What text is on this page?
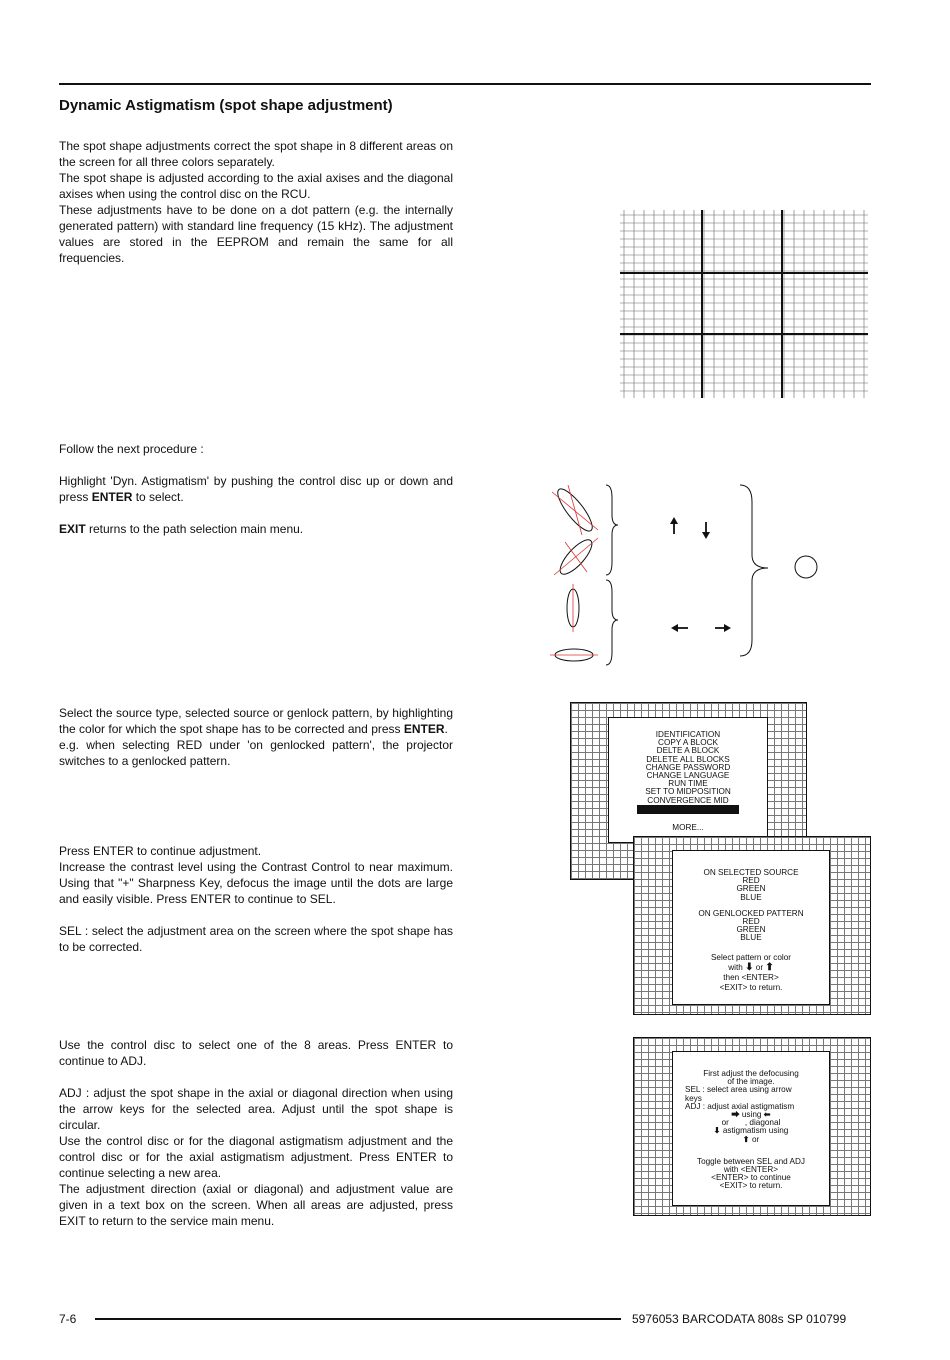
Dynamic Astigmatism (spot shape adjustment)

The spot shape adjustments correct the spot shape in 8 different areas on the screen for all three colors separately.

The spot shape is adjusted according to the axial axises and the diagonal axises when using the control disc on the RCU.

These adjustments have to be done on a dot pattern (e.g. the internally generated pattern) with standard line frequency (15 kHz). The adjustment values are stored in the EEPROM and remain the same for all frequencies.

Follow the next procedure :

Highlight 'Dyn. Astigmatism' by pushing the control disc up or down and press ENTER to select.

EXIT returns to the path selection main menu.

Select the source type, selected source or genlock pattern, by highlighting the color for which the spot shape has to be corrected and press ENTER.

e.g. when selecting RED under 'on genlocked pattern', the projector switches to a genlocked pattern.

Press ENTER to continue adjustment.

Increase the contrast level using the Contrast Control to near maximum. Using that "+" Sharpness Key, defocus the image until the dots are large and easily visible. Press ENTER to continue to SEL.

SEL : select the adjustment area on the screen where the spot shape has to be corrected.

Use the control disc to select one of the 8 areas. Press ENTER to continue to ADJ.

ADJ : adjust the spot shape in the axial or diagonal direction when using the arrow keys for the selected area. Adjust until the spot shape is circular.

Use the control disc or for the diagonal astigmatism adjustment and the control disc or for the axial astigmatism adjustment. Press ENTER to continue selecting a new area.

The adjustment direction (axial or diagonal) and adjustment value are given in a text box on the screen. When all areas are adjusted, press EXIT to return to the service main menu.

IDENTIFICATION
COPY A BLOCK
DELTE A BLOCK
DELETE ALL BLOCKS
CHANGE PASSWORD
CHANGE LANGUAGE
RUN TIME
SET TO MIDPOSITION
CONVERGENCE MID
MORE...
ON SELECTED SOURCE
RED
GREEN
BLUE
ON GENLOCKED PATTERN
RED
GREEN
BLUE
Select pattern or color
with ⬇ or ⬆
then <ENTER>
<EXIT> to return.
First adjust the defocusing
of the image.
SEL : select area using arrow
keys
ADJ : adjust axial astigmatism
⮕ using ⬅
or , diagonal
⬇ astigmatism using
⬆ or
Toggle between SEL and ADJ
with <ENTER>
<ENTER> to continue
<EXIT> to return.
7-6	5976053 BARCODATA 808s SP 010799
